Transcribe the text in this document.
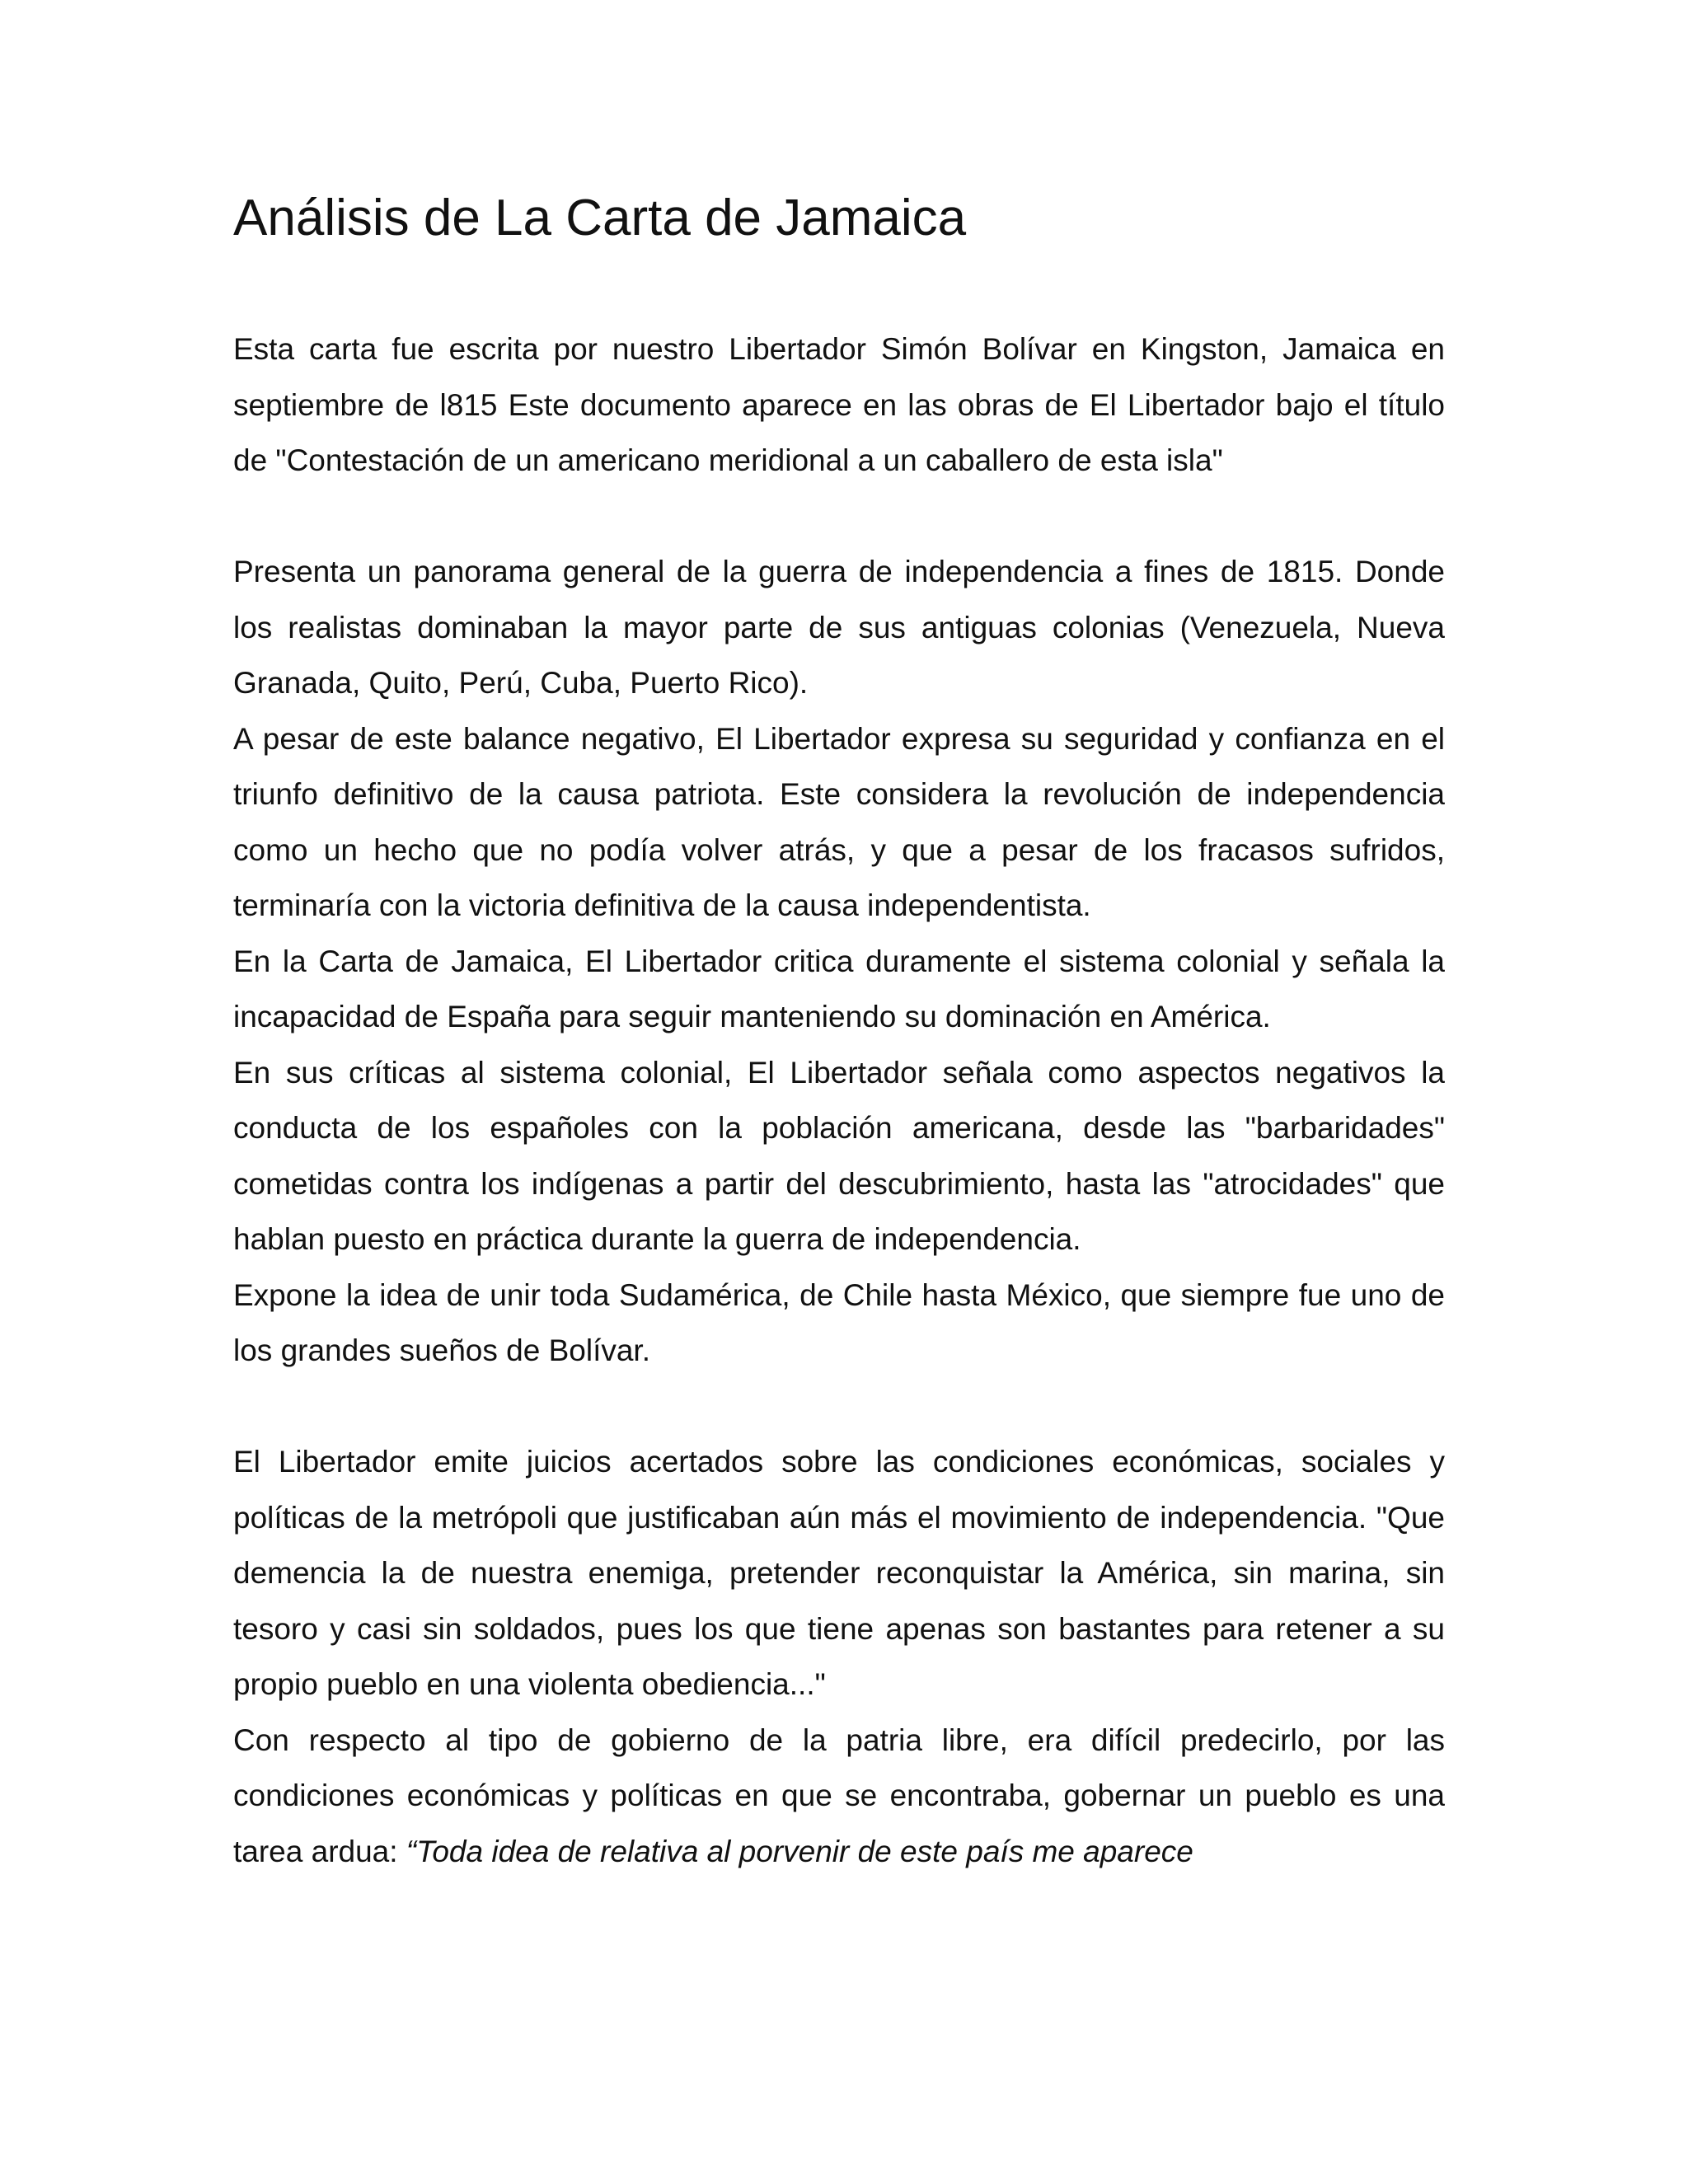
Análisis de La Carta de Jamaica

Esta carta fue escrita por nuestro Libertador Simón Bolívar en Kingston, Jamaica en septiembre de l815 Este documento aparece en las obras de El Libertador bajo el título de "Contestación de un americano meridional a un caballero de esta isla"

Presenta un panorama general de la guerra de independencia a fines de 1815. Donde los realistas dominaban la mayor parte de sus antiguas colonias (Venezuela, Nueva Granada, Quito, Perú, Cuba, Puerto Rico).

A pesar de este balance negativo, El Libertador expresa su seguridad y confianza en el triunfo definitivo de la causa patriota. Este considera la revolución de independencia como un hecho que no podía volver atrás, y que a pesar de los fracasos sufridos, terminaría con la victoria definitiva de la causa independentista.

En la Carta de Jamaica, El Libertador critica duramente el sistema colonial y señala la incapacidad de España para seguir manteniendo su dominación en América.

En sus críticas al sistema colonial, El Libertador señala como aspectos negativos la conducta de los españoles con la población americana, desde las "barbaridades" cometidas contra los indígenas a partir del descubrimiento, hasta las "atrocidades" que hablan puesto en práctica durante la guerra de independencia.

Expone la idea de unir toda Sudamérica, de Chile hasta México, que siempre fue uno de los grandes sueños de Bolívar.

El Libertador emite juicios acertados sobre las condiciones económicas, sociales y políticas de la metrópoli que justificaban aún más el movimiento de independencia. "Que demencia la de nuestra enemiga, pretender reconquistar la América, sin marina, sin tesoro y casi sin soldados, pues los que tiene apenas son bastantes para retener a su propio pueblo en una violenta obediencia..."

Con respecto al tipo de gobierno de la patria libre, era difícil predecirlo, por las condiciones económicas y políticas en que se encontraba, gobernar un pueblo es una tarea ardua: “Toda idea de relativa al porvenir de este país me aparece
